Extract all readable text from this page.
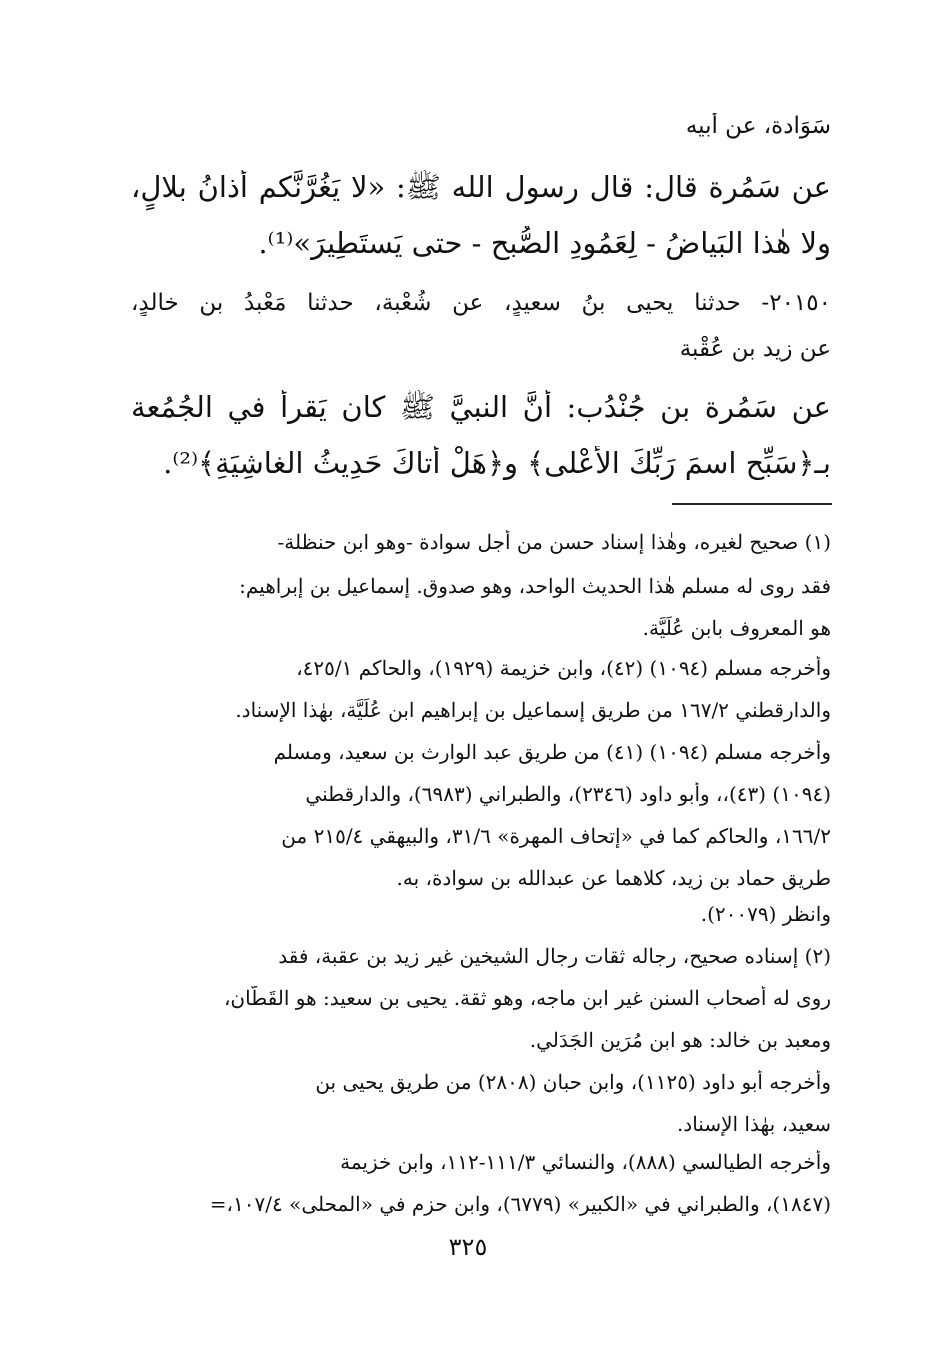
سَوَادة، عن أبيه
عن سَمُرة قال: قال رسول الله ﷺ: «لا يَغُرَّنَّكم أذانُ بلالٍ،
ولا هٰذا البَياضُ - لِعَمُودِ الصُّبحِ - حتى يَستَطِيرَ»⁽¹⁾.
٢٠١٥٠- حدثنا يحيى بنُ سعيدٍ، عن شُعْبة، حدثنا مَعْبدُ بن خالدٍ،
عن زيد بن عُقْبة
عن سَمُرة بن جُنْدُب: أنَّ النبيَّ ﷺ كان يَقرأُ في الجُمُعة
بـ﴿سَبِّحِ اسمَ رَبِّكَ الأعْلى﴾ و﴿هَلْ أتاكَ حَدِيثُ الغاشِيَةِ﴾⁽²⁾.
(١) صحيح لغيره، وهٰذا إسناد حسن من أجل سوادة -وهو ابن حنظلة-
فقد روى له مسلم هٰذا الحديث الواحد، وهو صدوق. إسماعيل بن إبراهيم:
هو المعروف بابن عُلَيَّة.
وأخرجه مسلم (١٠٩٤) (٤٢)، وابن خزيمة (١٩٢٩)، والحاكم ٤٢٥/١،
والدارقطني ١٦٧/٢ من طريق إسماعيل بن إبراهيم ابن عُلَيَّة، بهٰذا الإسناد.
وأخرجه مسلم (١٠٩٤) (٤١) من طريق عبد الوارث بن سعيد، ومسلم
(١٠٩٤) (٤٣)،، وأبو داود (٢٣٤٦)، والطبراني (٦٩٨٣)، والدارقطني
١٦٦/٢، والحاكم كما في «إتحاف المهرة» ٣١/٦، والبيهقي ٢١٥/٤ من
طريق حماد بن زيد، كلاهما عن عبدالله بن سوادة، به.
وانظر (٢٠٠٧٩).
(٢) إسناده صحيح، رجاله ثقات رجال الشيخين غير زيد بن عقبة، فقد
روى له أصحاب السنن غير ابن ماجه، وهو ثقة. يحيى بن سعيد: هو القَطّان،
ومعبد بن خالد: هو ابن مُرَين الجَدَلي.
وأخرجه أبو داود (١١٢٥)، وابن حبان (٢٨٠٨) من طريق يحيى بن
سعيد، بهٰذا الإسناد.
وأخرجه الطيالسي (٨٨٨)، والنسائي ١١١/٣-١١٢، وابن خزيمة
(١٨٤٧)، والطبراني في «الكبير» (٦٧٧٩)، وابن حزم في «المحلى» ١٠٧/٤،=
٣٢٥
